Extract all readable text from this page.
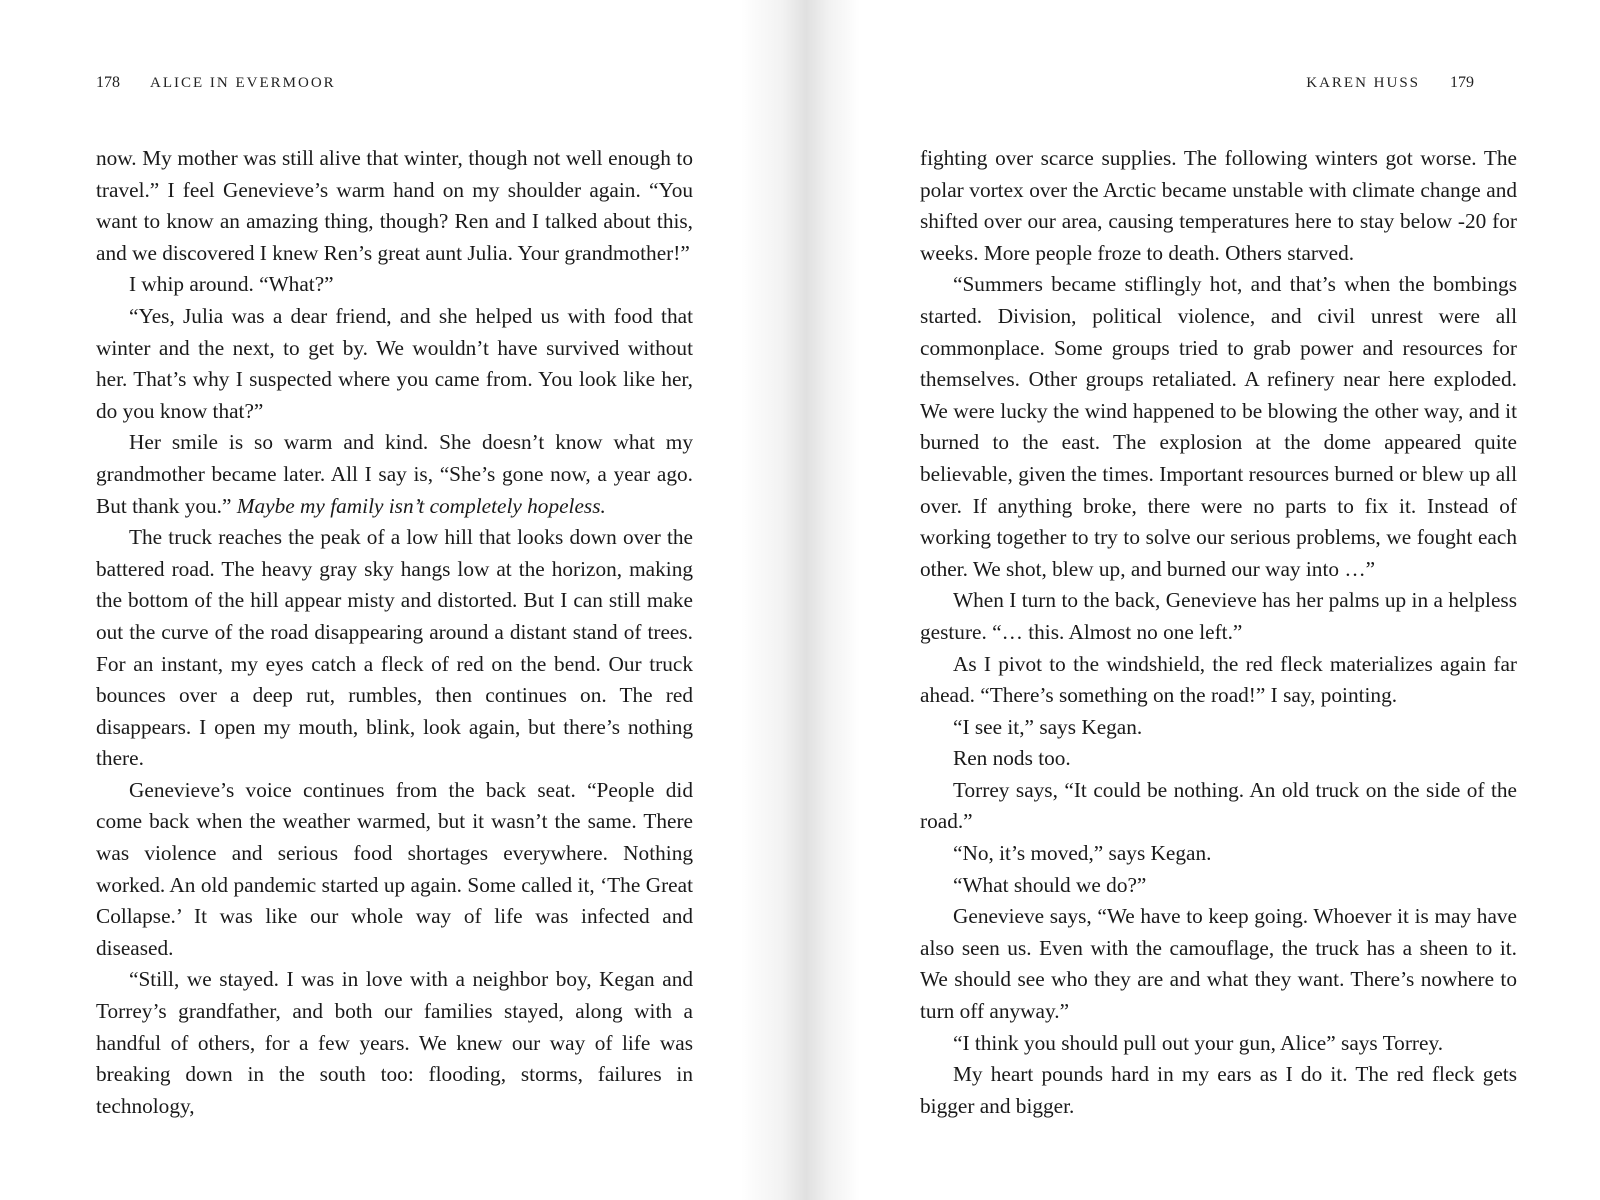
178 ALICE IN EVERMOOR

now. My mother was still alive that winter, though not well enough to travel.” I feel Genevieve’s warm hand on my shoulder again. “You want to know an amazing thing, though? Ren and I talked about this, and we discovered I knew Ren’s great aunt Julia. Your grandmother!”

I whip around. “What?”

“Yes, Julia was a dear friend, and she helped us with food that winter and the next, to get by. We wouldn’t have survived without her. That’s why I suspected where you came from. You look like her, do you know that?”

Her smile is so warm and kind. She doesn’t know what my grandmother became later. All I say is, “She’s gone now, a year ago. But thank you.” Maybe my family isn’t completely hopeless.

The truck reaches the peak of a low hill that looks down over the battered road. The heavy gray sky hangs low at the horizon, making the bottom of the hill appear misty and distorted. But I can still make out the curve of the road disappearing around a distant stand of trees. For an instant, my eyes catch a fleck of red on the bend. Our truck bounces over a deep rut, rumbles, then continues on. The red disappears. I open my mouth, blink, look again, but there’s nothing there.

Genevieve’s voice continues from the back seat. “People did come back when the weather warmed, but it wasn’t the same. There was violence and serious food shortages everywhere. Nothing worked. An old pandemic started up again. Some called it, ‘The Great Collapse.’ It was like our whole way of life was infected and diseased.

“Still, we stayed. I was in love with a neighbor boy, Kegan and Torrey’s grandfather, and both our families stayed, along with a handful of others, for a few years. We knew our way of life was breaking down in the south too: flooding, storms, failures in technology,

KAREN HUSS 179

fighting over scarce supplies. The following winters got worse. The polar vortex over the Arctic became unstable with climate change and shifted over our area, causing temperatures here to stay below -20 for weeks. More people froze to death. Others starved.

“Summers became stiflingly hot, and that’s when the bombings started. Division, political violence, and civil unrest were all commonplace. Some groups tried to grab power and resources for themselves. Other groups retaliated. A refinery near here exploded. We were lucky the wind happened to be blowing the other way, and it burned to the east. The explosion at the dome appeared quite believable, given the times. Important resources burned or blew up all over. If anything broke, there were no parts to fix it. Instead of working together to try to solve our serious problems, we fought each other. We shot, blew up, and burned our way into …”

When I turn to the back, Genevieve has her palms up in a helpless gesture. “… this. Almost no one left.”

As I pivot to the windshield, the red fleck materializes again far ahead. “There’s something on the road!” I say, pointing.

“I see it,” says Kegan.

Ren nods too.

Torrey says, “It could be nothing. An old truck on the side of the road.”

“No, it’s moved,” says Kegan.

“What should we do?”

Genevieve says, “We have to keep going. Whoever it is may have also seen us. Even with the camouflage, the truck has a sheen to it. We should see who they are and what they want. There’s nowhere to turn off anyway.”

“I think you should pull out your gun, Alice” says Torrey.

My heart pounds hard in my ears as I do it. The red fleck gets bigger and bigger.
